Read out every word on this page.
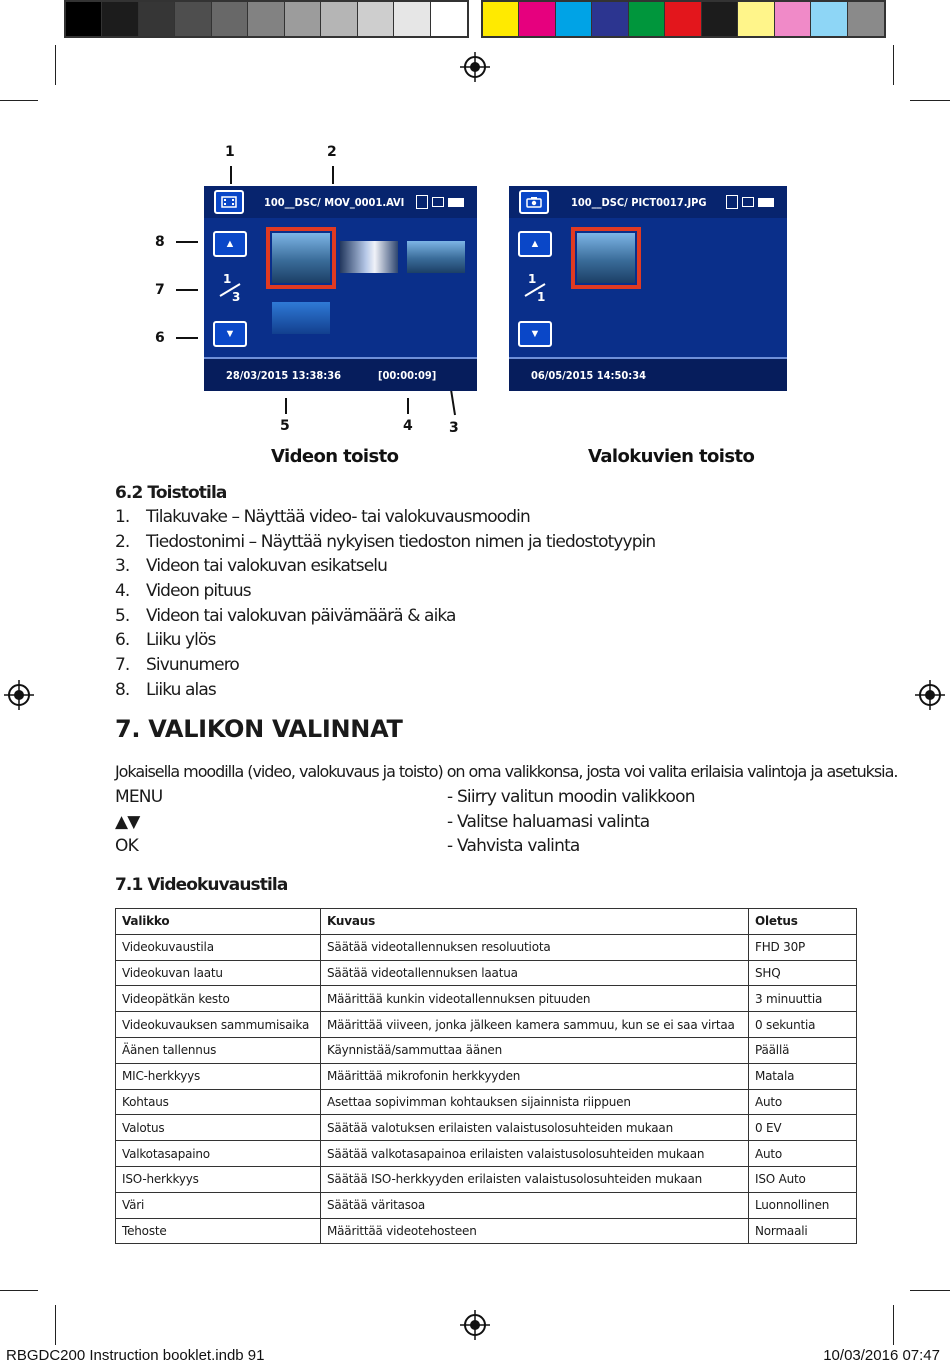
1	2
8
7
6
5	4	3
100__DSC/ MOV_0001.AVI
▲
1
3
▼
28/03/2015 13:38:36	[00:00:09]
100__DSC/ PICT0017.JPG
▲
1
1
▼
06/05/2015 14:50:34
Videon toisto	Valokuvien toisto
6.2 Toistotila
1. Tilakuvake – Näyttää video- tai valokuvausmoodin
2. Tiedostonimi – Näyttää nykyisen tiedoston nimen ja tiedostotyypin
3. Videon tai valokuvan esikatselu
4. Videon pituus
5. Videon tai valokuvan päivämäärä & aika
6. Liiku ylös
7. Sivunumero
8. Liiku alas
7. VALIKON VALINNAT
Jokaisella moodilla (video, valokuvaus ja toisto) on oma valikkonsa, josta voi valita erilaisia valintoja ja asetuksia.
MENU	- Siirry valitun moodin valikkoon
▲▼	- Valitse haluamasi valinta
OK	- Vahvista valinta
7.1 Videokuvaustila
Valikko	Kuvaus	Oletus
Videokuvaustila	Säätää videotallennuksen resoluutiota	FHD 30P
Videokuvan laatu	Säätää videotallennuksen laatua	SHQ
Videopätkän kesto	Määrittää kunkin videotallennuksen pituuden	3 minuuttia
Videokuvauksen sammumisaika	Määrittää viiveen, jonka jälkeen kamera sammuu, kun se ei saa virtaa	0 sekuntia
Äänen tallennus	Käynnistää/sammuttaa äänen	Päällä
MIC-herkkyys	Määrittää mikrofonin herkkyyden	Matala
Kohtaus	Asettaa sopivimman kohtauksen sijainnista riippuen	Auto
Valotus	Säätää valotuksen erilaisten valaistusolosuhteiden mukaan	0 EV
Valkotasapaino	Säätää valkotasapainoa erilaisten valaistusolosuhteiden mukaan	Auto
ISO-herkkyys	Säätää ISO-herkkyyden erilaisten valaistusolosuhteiden mukaan	ISO Auto
Väri	Säätää väritasoa	Luonnollinen
Tehoste	Määrittää videotehosteen	Normaali
RBGDC200 Instruction booklet.indb 91	10/03/2016 07:47
